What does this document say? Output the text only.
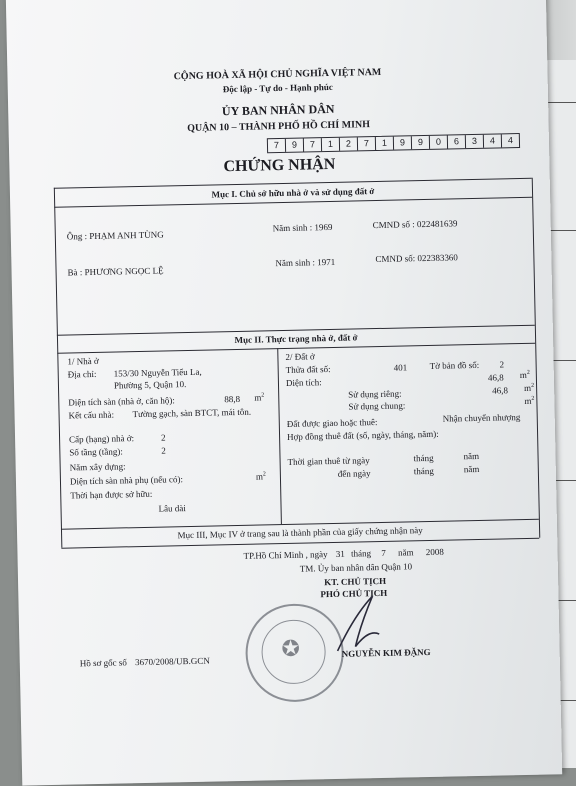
CỘNG HOÀ XÃ HỘI CHỦ NGHĨA VIỆT NAM
Độc lập - Tự do - Hạnh phúc
ỦY BAN NHÂN DÂN
QUẬN 10 – THÀNH PHỐ HỒ CHÍ MINH
7	9	7	1	2	7	1	9	9	0	6	3	4	4
CHỨNG NHẬN
Mục I. Chủ sở hữu nhà ở và sử dụng đất ở
Ông : PHẠM ANH TÙNG
Năm sinh : 1969	CMND số : 022481639
Bà : PHƯƠNG NGỌC LỆ
Năm sinh : 1971	CMND số: 022383360
Mục II. Thực trạng nhà ở, đất ở
1/ Nhà ở
Địa chỉ: 153/30 Nguyễn Tiểu La,
Phường 5, Quận 10.
Diện tích sàn (nhà ở, căn hộ):	88,8 $m^2$
Kết cấu nhà: Tường gạch, sàn BTCT, mái tôn.
Cấp (hạng) nhà ở:	2
Số tầng (tầng):	2
Năm xây dựng:
Diện tích sàn nhà phụ (nếu có):	$m^2$
Thời hạn được sở hữu:
Lâu dài
2/ Đất ở
Thửa đất số:	401 Tờ bản đồ số: 2
Diện tích:	46,8 $m^2$
Sử dụng riêng:	46,8 $m^2$
Sử dụng chung:	$m^2$
Đất được giao hoặc thuê:	Nhận chuyển nhượng
Hợp đồng thuê đất (số, ngày, tháng, năm):
Thời gian thuê từ ngày	tháng	năm
đến ngày	tháng	năm
Mục III, Mục IV ở trang sau là thành phần của giấy chứng nhận này
TP.Hồ Chí Minh , ngày 31 tháng 7 năm 2008
TM. Ủy ban nhân dân Quận 10
KT. CHỦ TỊCH
PHÓ CHỦ TỊCH
✪	NGUYỄN KIM ĐẶNG
Hồ sơ gốc số 3670/2008/UB.GCN
